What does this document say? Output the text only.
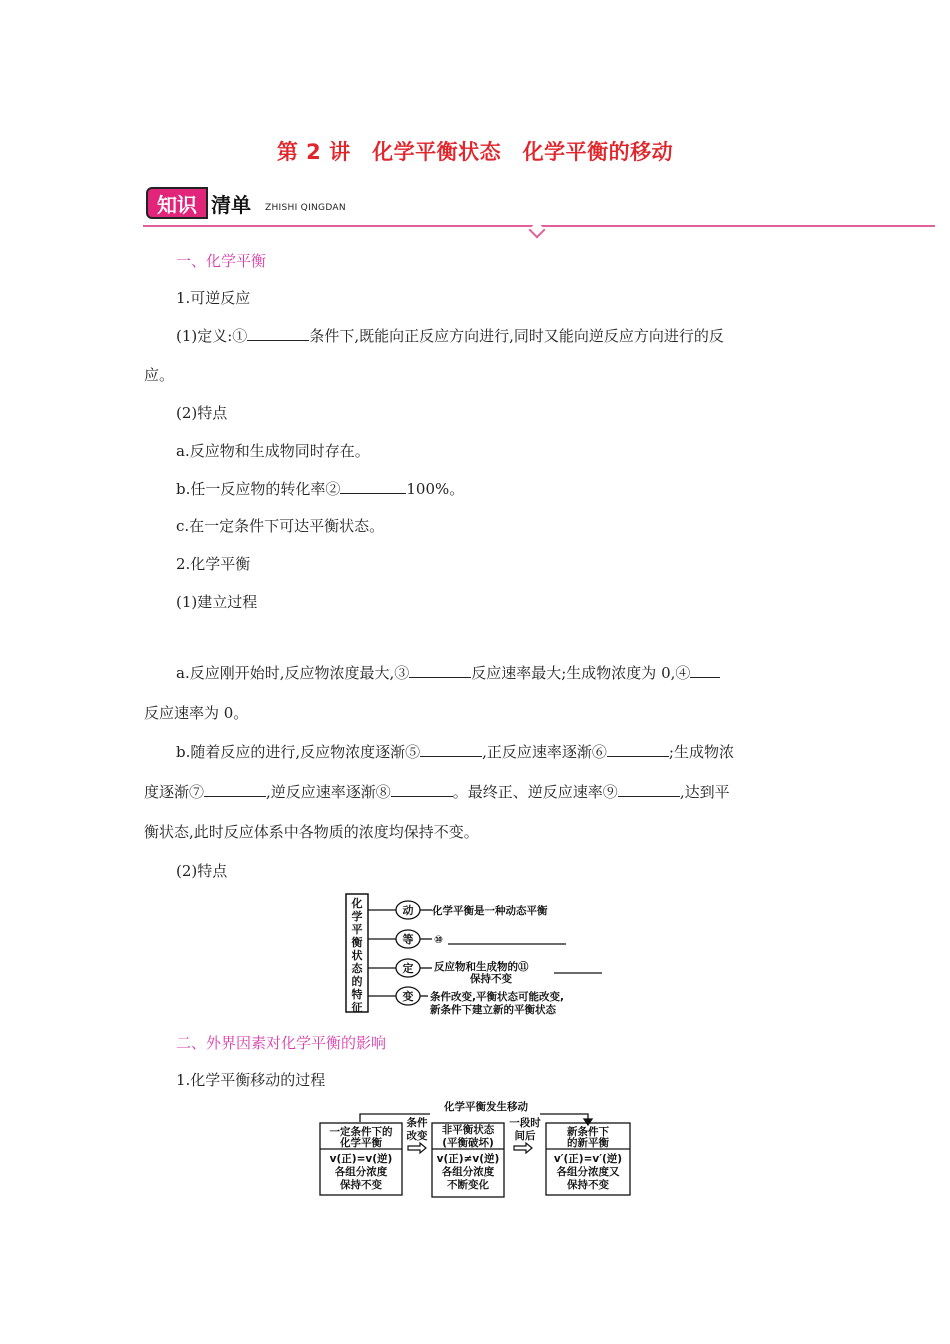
第 2 讲　化学平衡状态　化学平衡的移动
知识 清单 ZHISHI QINGDAN
一、化学平衡
1.可逆反应
(1)定义:①	条件下,既能向正反应方向进行,同时又能向逆反应方向进行的反
应。
(2)特点
a.反应物和生成物同时存在。
b.任一反应物的转化率②	100%。
c.在一定条件下可达平衡状态。
2.化学平衡
(1)建立过程
a.反应刚开始时,反应物浓度最大,③	反应速率最大;生成物浓度为 0,④
反应速率为 0。
b.随着反应的进行,反应物浓度逐渐⑤	,正反应速率逐渐⑥	;生成物浓
度逐渐⑦	,逆反应速率逐渐⑧	。最终正、逆反应速率⑨	,达到平
衡状态,此时反应体系中各物质的浓度均保持不变。
(2)特点
化
学
平
衡
状
态
的
特
征
动
等
定
变
化学平衡是一种动态平衡
⑩
反应物和生成物的⑪
保持不变
条件改变,平衡状态可能改变,
新条件下建立新的平衡状态
二、外界因素对化学平衡的影响
1.化学平衡移动的过程
化学平衡发生移动
一定条件下的
化学平衡
v(正)=v(逆)
各组分浓度
保持不变
条件
改变 非平衡状态
(平衡破坏)
v(正)≠v(逆)
各组分浓度
不断变化
一段时
间后	新条件下
的新平衡
v′(正)=v′(逆)
各组分浓度又
保持不变
